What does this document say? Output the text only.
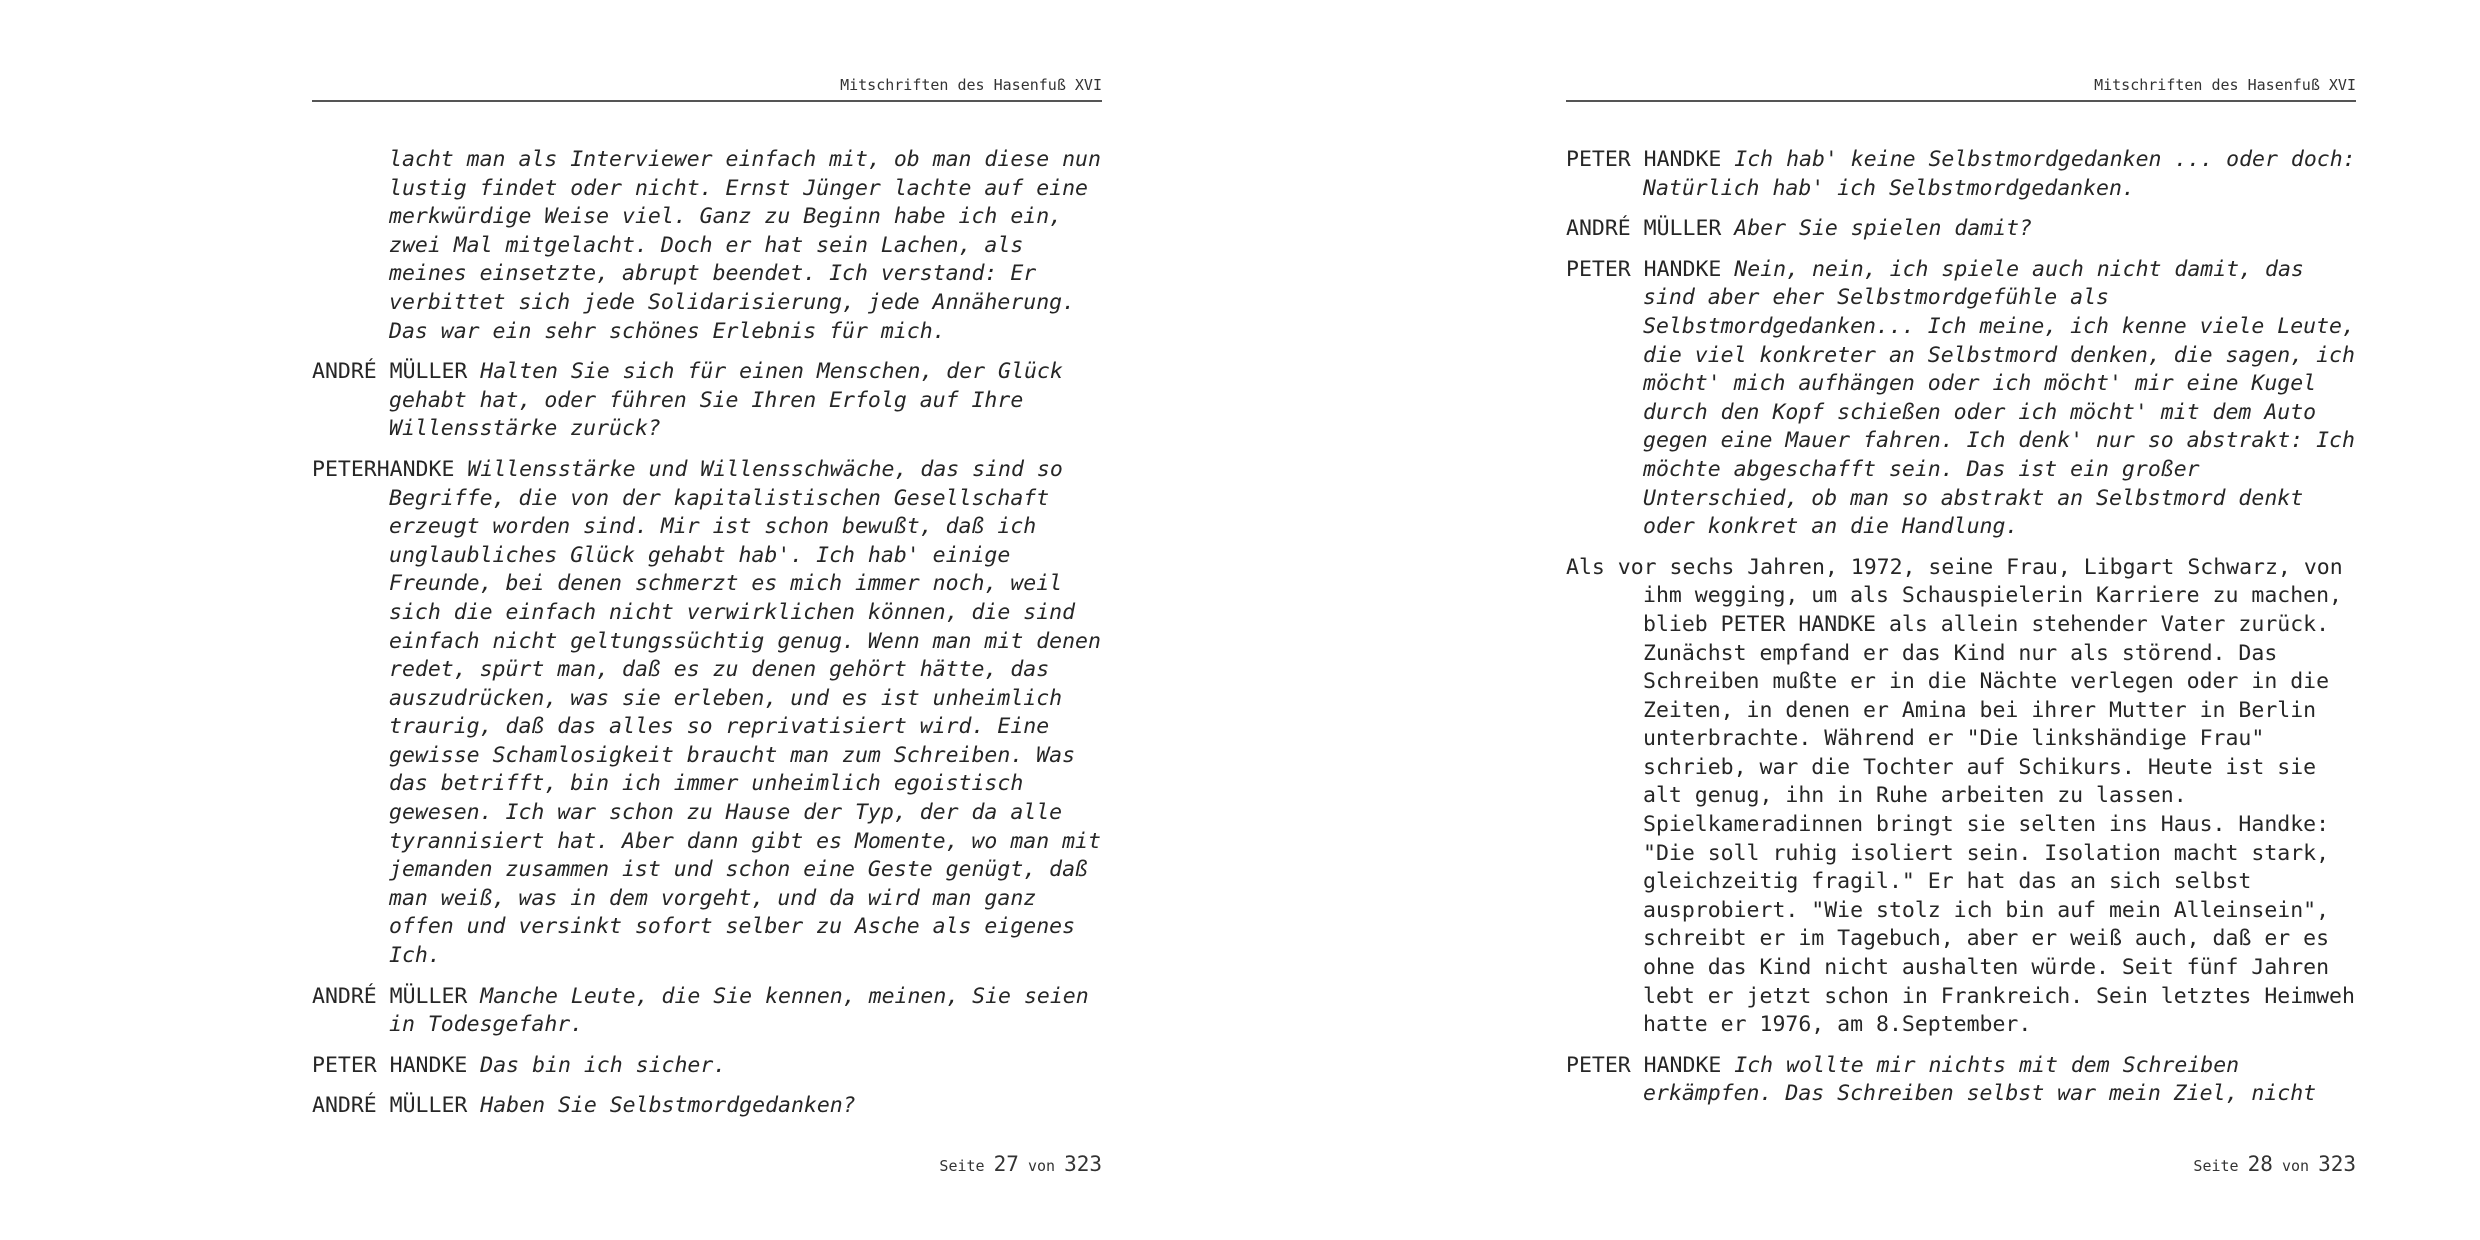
Mitschriften des Hasenfuß XVI

lacht man als Interviewer einfach mit, ob man diese nun lustig findet oder nicht. Ernst Jünger lachte auf eine merkwürdige Weise viel. Ganz zu Beginn habe ich ein, zwei Mal mitgelacht. Doch er hat sein Lachen, als meines einsetzte, abrupt beendet. Ich verstand: Er verbittet sich jede Solidarisierung, jede Annäherung. Das war ein sehr schönes Erlebnis für mich.

ANDRÉ MÜLLER Halten Sie sich für einen Menschen, der Glück gehabt hat, oder führen Sie Ihren Erfolg auf Ihre Willensstärke zurück?

PETERHANDKE Willensstärke und Willensschwäche, das sind so Begriffe, die von der kapitalistischen Gesellschaft erzeugt worden sind. Mir ist schon bewußt, daß ich unglaubliches Glück gehabt hab'. Ich hab' einige Freunde, bei denen schmerzt es mich immer noch, weil sich die einfach nicht verwirklichen können, die sind einfach nicht geltungssüchtig genug. Wenn man mit denen redet, spürt man, daß es zu denen gehört hätte, das auszudrücken, was sie erleben, und es ist unheimlich traurig, daß das alles so reprivatisiert wird. Eine gewisse Schamlosigkeit braucht man zum Schreiben. Was das betrifft, bin ich immer unheimlich egoistisch gewesen. Ich war schon zu Hause der Typ, der da alle tyrannisiert hat. Aber dann gibt es Momente, wo man mit jemanden zusammen ist und schon eine Geste genügt, daß man weiß, was in dem vorgeht, und da wird man ganz offen und versinkt sofort selber zu Asche als eigenes Ich.

ANDRÉ MÜLLER Manche Leute, die Sie kennen, meinen, Sie seien in Todesgefahr.

PETER HANDKE Das bin ich sicher.

ANDRÉ MÜLLER Haben Sie Selbstmordgedanken?

Seite 27 von 323
Mitschriften des Hasenfuß XVI

PETER HANDKE Ich hab' keine Selbstmordgedanken ... oder doch: Natürlich hab' ich Selbstmordgedanken.

ANDRÉ MÜLLER Aber Sie spielen damit?

PETER HANDKE Nein, nein, ich spiele auch nicht damit, das sind aber eher Selbstmordgefühle als Selbstmordgedanken... Ich meine, ich kenne viele Leute, die viel konkreter an Selbstmord denken, die sagen, ich möcht' mich aufhängen oder ich möcht' mir eine Kugel durch den Kopf schießen oder ich möcht' mit dem Auto gegen eine Mauer fahren. Ich denk' nur so abstrakt: Ich möchte abgeschafft sein. Das ist ein großer Unterschied, ob man so abstrakt an Selbstmord denkt oder konkret an die Handlung.

Als vor sechs Jahren, 1972, seine Frau, Libgart Schwarz, von ihm wegging, um als Schauspielerin Karriere zu machen, blieb PETER HANDKE als allein stehender Vater zurück. Zunächst empfand er das Kind nur als störend. Das Schreiben mußte er in die Nächte verlegen oder in die Zeiten, in denen er Amina bei ihrer Mutter in Berlin unterbrachte. Während er "Die linkshändige Frau" schrieb, war die Tochter auf Schikurs. Heute ist sie alt genug, ihn in Ruhe arbeiten zu lassen. Spielkameradinnen bringt sie selten ins Haus. Handke: "Die soll ruhig isoliert sein. Isolation macht stark, gleichzeitig fragil." Er hat das an sich selbst ausprobiert. "Wie stolz ich bin auf mein Alleinsein", schreibt er im Tagebuch, aber er weiß auch, daß er es ohne das Kind nicht aushalten würde. Seit fünf Jahren lebt er jetzt schon in Frankreich. Sein letztes Heimweh hatte er 1976, am 8.September.

PETER HANDKE Ich wollte mir nichts mit dem Schreiben erkämpfen. Das Schreiben selbst war mein Ziel, nicht

Seite 28 von 323
